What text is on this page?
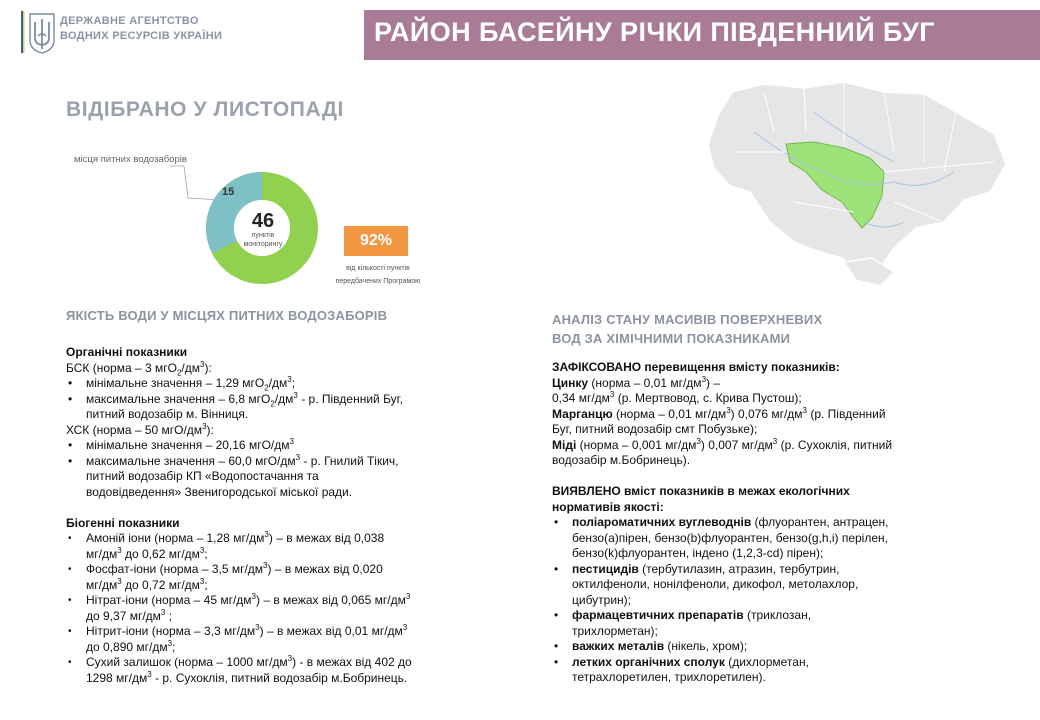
ДЕРЖАВНЕ АГЕНТСТВО
ВОДНИХ РЕСУРСІВ УКРАЇНИ	РАЙОН БАСЕЙНУ РІЧКИ ПІВДЕННИЙ БУГ
ВІДІБРАНО У ЛИСТОПАДІ
місця питних водозаборів
15
46
пунктів
моніторингу	92%
від кількості пунктів
передбачених Програмою
ЯКІСТЬ ВОДИ У МІСЦЯХ ПИТНИХ ВОДОЗАБОРІВ
Органічні показники
БСК (норма – 3 $мгО_2/дм^3$):
• мінімальне значення – 1,29 $мгО_2/дм^3$;
• максимальне значення – 6,8 $мгО_2/дм^3$ - р. Південний Буг,
питний водозабір м. Вінниця.
ХСК (норма – 50 мгО/$дм^3$):
• мінімальне значення – 20,16 мгО/$дм^3$
• максимальне значення – 60,0 мгО/$дм^3$ - р. Гнилий Тікич,
питний водозабір КП «Водопостачання та
водовідведення» Звенигородської міської ради.
Біогенні показники
• Амоній іони (норма – 1,28 $мг/дм^3$) – в межах від 0,038
$мг/дм^3$ до 0,62 $мг/дм^3$;
• Фосфат-іони (норма – 3,5 $мг/дм^3$) – в межах від 0,020
$мг/дм^3$ до 0,72 $мг/дм^3$;
• Нітрат-іони (норма – 45 $мг/дм^3$) – в межах від 0,065 $мг/дм^3$
до 9,37 $мг/дм^3$ ;
• Нітрит-іони (норма – 3,3 $мг/дм^3$) – в межах від 0,01 $мг/дм^3$
до 0,890 $мг/дм^3$;
• Сухий залишок (норма – 1000 $мг/дм^3$) - в межах від 402 до
1298 $мг/дм^3$ - р. Сухоклія, питний водозабір м.Бобринець.
АНАЛІЗ СТАНУ МАСИВІВ ПОВЕРХНЕВИХ
ВОД ЗА ХІМІЧНИМИ ПОКАЗНИКАМИ
ЗАФІКСОВАНО перевищення вмісту показників:
Цинку (норма – 0,01 $мг/дм^3$) –
0,34 $мг/дм^3$ (р. Мертвовод, с. Крива Пустош);
Марганцю (норма – 0,01 $мг/дм^3$) 0,076 $мг/дм^3$ (р. Південний
Буг, питний водозабір смт Побузьке);
Міді (норма – 0,001 $мг/дм^3$) 0,007 $мг/дм^3$ (р. Сухоклія, питний
водозабір м.Бобринець).
ВИЯВЛЕНО вміст показників в межах екологічних
нормативів якості:
• поліароматичних вуглеводнів (флуорантен, антрацен,
бензо(а)пірен, бензо(b)флуорантен, бензо(g,h,i) перілен,
бензо(k)флуорантен, індено (1,2,3-cd) пірен);
• пестицидів (тербутилазин, атразин, тербутрин,
октилфеноли, нонілфеноли, дикофол, метолахлор,
цибутрин);
• фармацевтичних препаратів (триклозан,
трихлорметан);
• важких металів (нікель, хром);
• летких органічних сполук (дихлорметан,
тетрахлоретилен, трихлоретилен).
